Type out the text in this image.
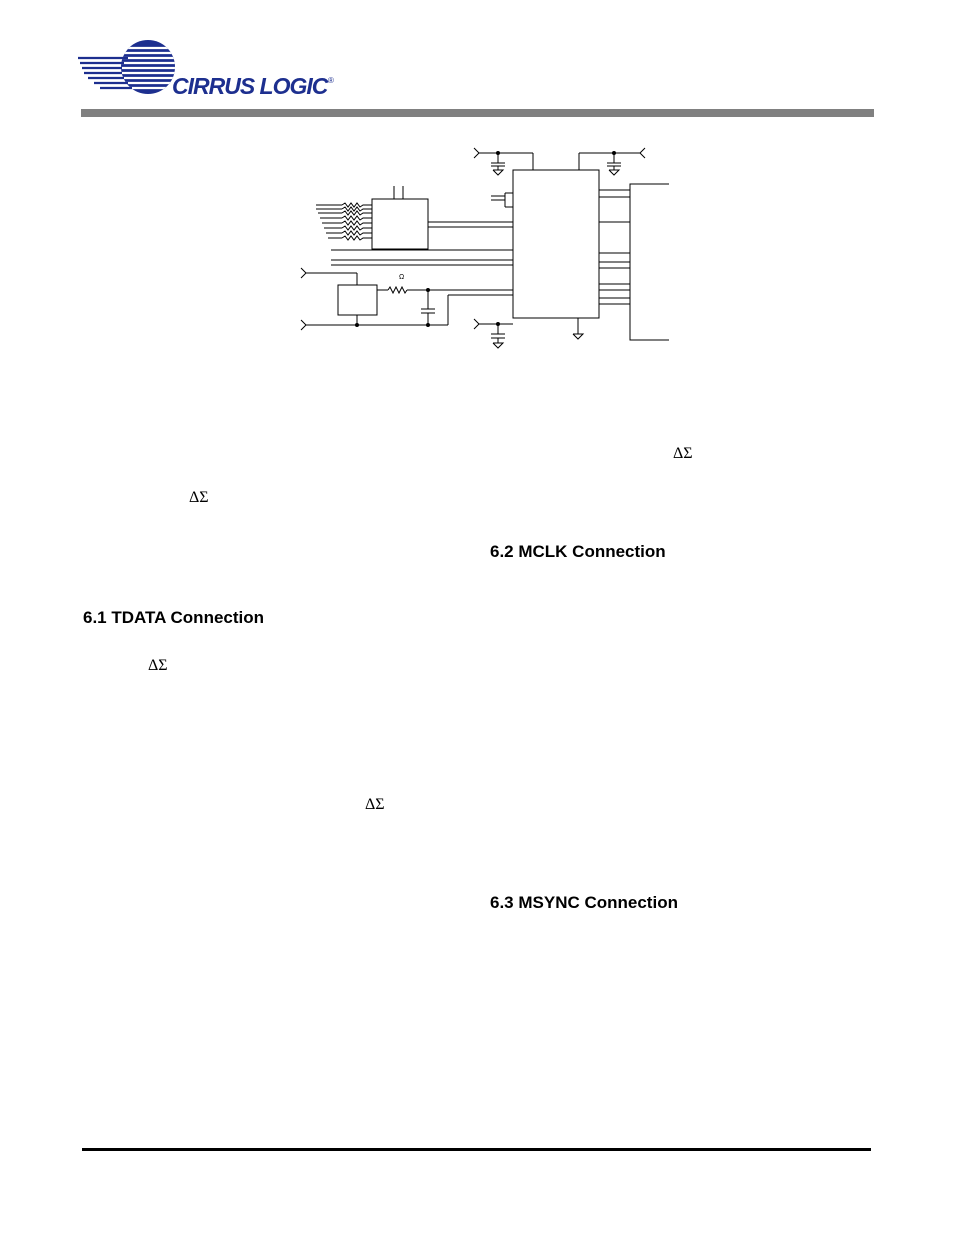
CIRRUS LOGIC ®
Ω
ΔΣ
ΔΣ
ΔΣ
ΔΣ
6.2 MCLK Connection
6.1 TDATA Connection
6.3 MSYNC Connection
